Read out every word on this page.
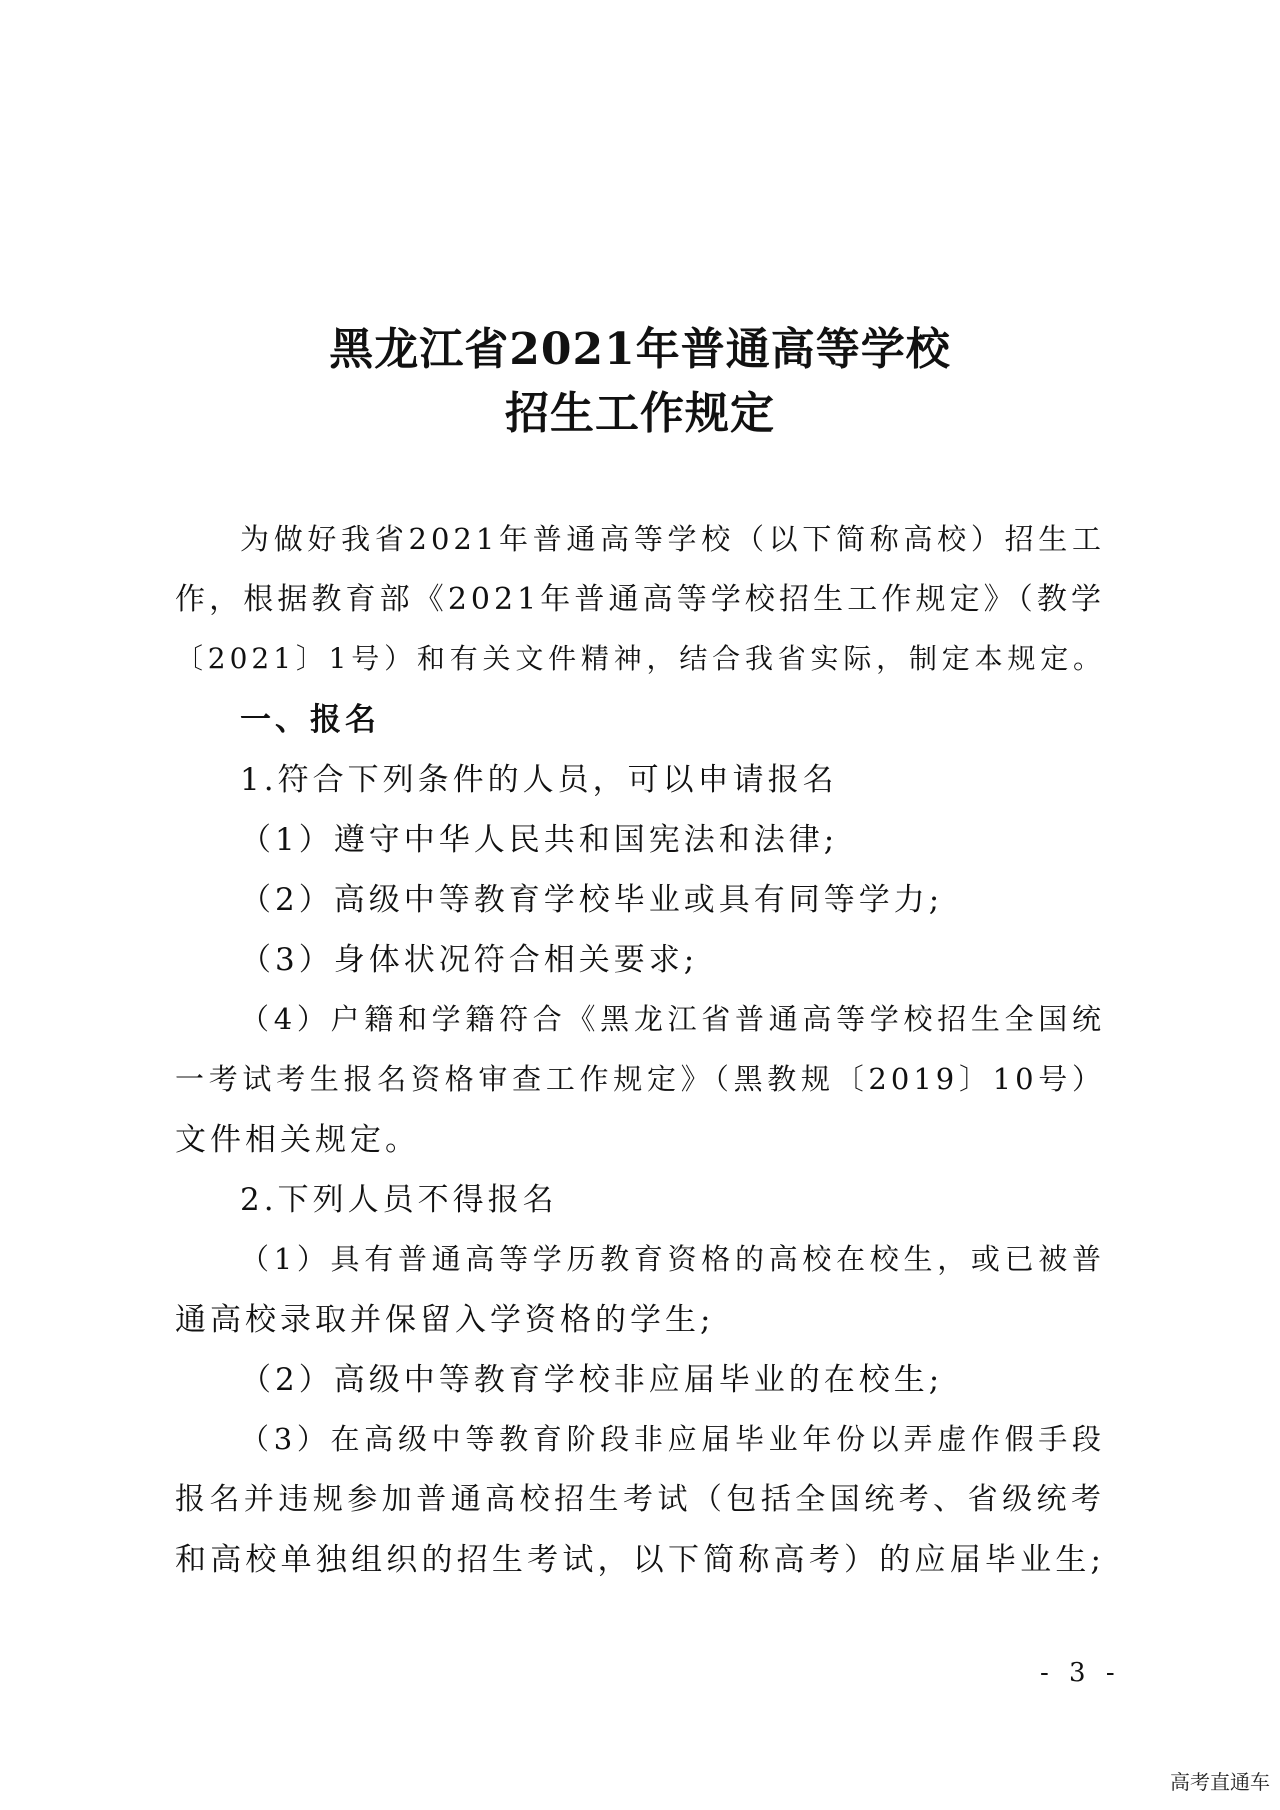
黑龙江省2021年普通高等学校
招生工作规定
为做好我省2021年普通高等学校（以下简称高校）招生工
作，根据教育部《2021年普通高等学校招生工作规定》（教学
〔2021〕1号）和有关文件精神，结合我省实际，制定本规定。
一、报名
1.符合下列条件的人员，可以申请报名
（1）遵守中华人民共和国宪法和法律;
（2）高级中等教育学校毕业或具有同等学力;
（3）身体状况符合相关要求;
（4）户籍和学籍符合《黑龙江省普通高等学校招生全国统
一考试考生报名资格审查工作规定》（黑教规〔2019〕10号）
文件相关规定。
2.下列人员不得报名
（1）具有普通高等学历教育资格的高校在校生，或已被普
通高校录取并保留入学资格的学生;
（2）高级中等教育学校非应届毕业的在校生;
（3）在高级中等教育阶段非应届毕业年份以弄虚作假手段
报名并违规参加普通高校招生考试（包括全国统考、省级统考
和高校单独组织的招生考试，以下简称高考）的应届毕业生;
- 3 -
高考直通车
